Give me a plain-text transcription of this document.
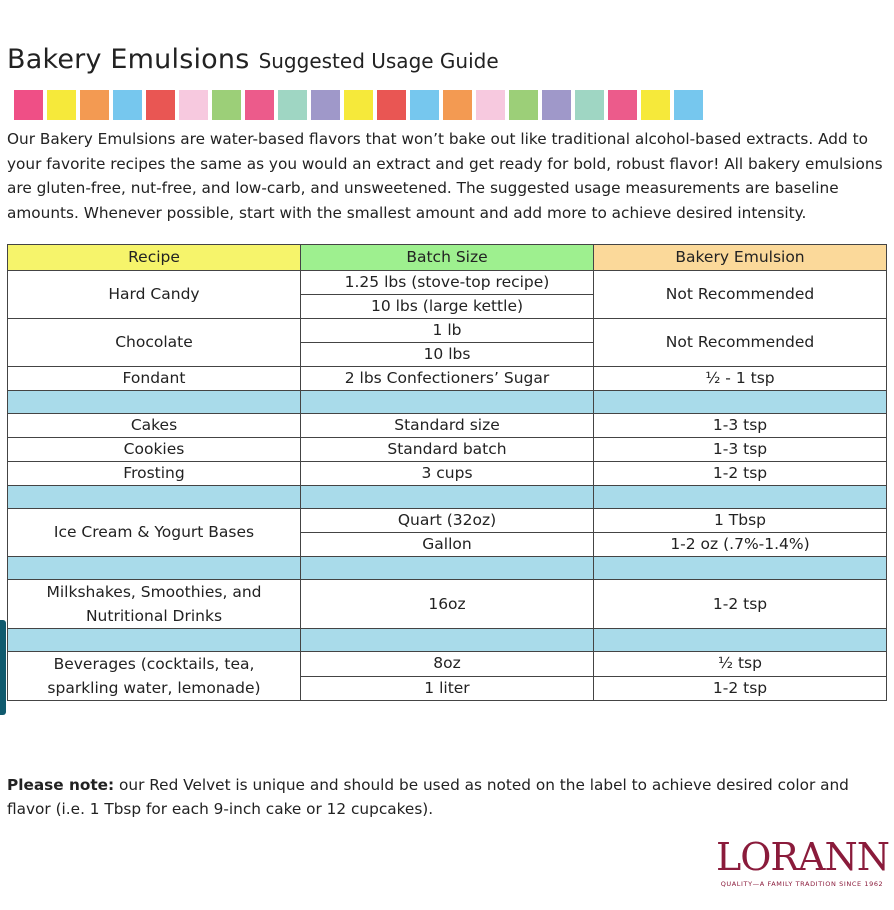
Bakery Emulsions Suggested Usage Guide
Our Bakery Emulsions are water-based flavors that won’t bake out like traditional alcohol-based extracts. Add to your favorite recipes the same as you would an extract and get ready for bold, robust flavor! All bakery emulsions are gluten-free, nut-free, and low-carb, and unsweetened. The suggested usage measurements are baseline amounts. Whenever possible, start with the smallest amount and add more to achieve desired intensity.
Recipe	Batch Size	Bakery Emulsion
Hard Candy	1.25 lbs (stove-top recipe)	Not Recommended
	10 lbs (large kettle)	
Chocolate	1 lb	Not Recommended
	10 lbs	
Fondant	2 lbs Confectioners’ Sugar	½ - 1 tsp

Cakes	Standard size	1-3 tsp
Cookies	Standard batch	1-3 tsp
Frosting	3 cups	1-2 tsp

Ice Cream & Yogurt Bases	Quart (32oz)	1 Tbsp
	Gallon	1-2 oz (.7%-1.4%)

Milkshakes, Smoothies, and
Nutritional Drinks	16oz	1-2 tsp

Beverages (cocktails, tea,
sparkling water, lemonade)	8oz	½ tsp
	1 liter	1-2 tsp
Please note: our Red Velvet is unique and should be used as noted on the label to achieve desired color and flavor (i.e. 1 Tbsp for each 9-inch cake or 12 cupcakes).
LORANN
QUALITY—A FAMILY TRADITION SINCE 1962
